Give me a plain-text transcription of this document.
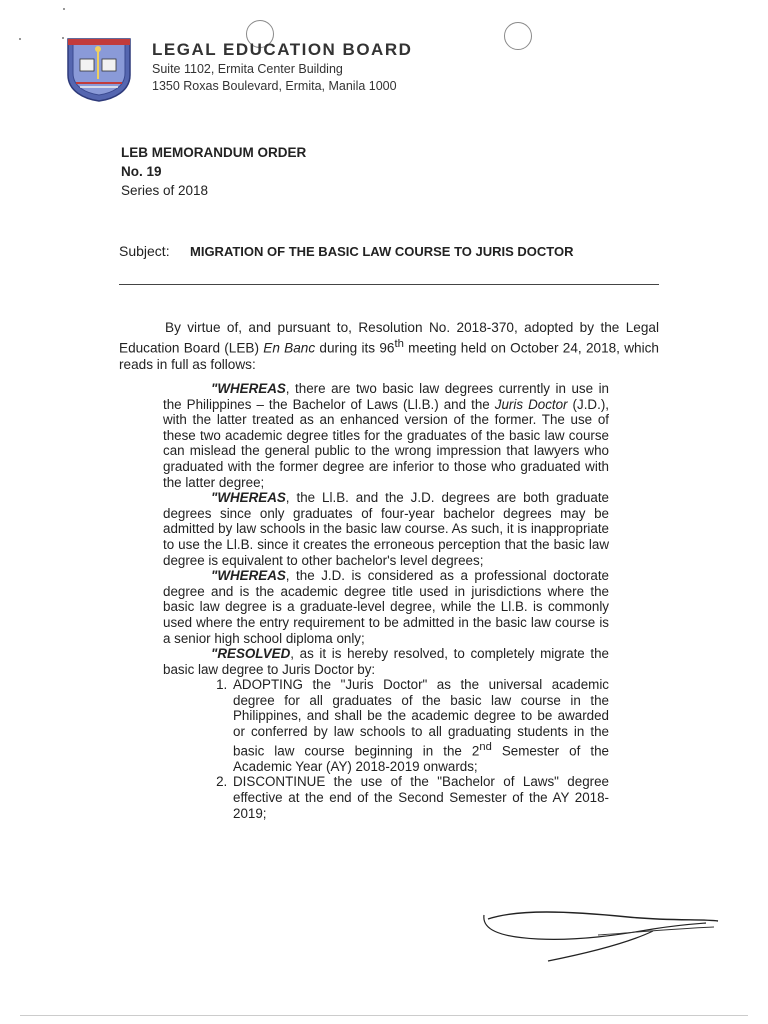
LEGAL EDUCATION BOARD
Suite 1102, Ermita Center Building
1350 Roxas Boulevard, Ermita, Manila 1000
LEB MEMORANDUM ORDER
No. 19
Series of 2018
Subject: MIGRATION OF THE BASIC LAW COURSE TO JURIS DOCTOR
By virtue of, and pursuant to, Resolution No. 2018-370, adopted by the Legal Education Board (LEB) En Banc during its 96th meeting held on October 24, 2018, which reads in full as follows:

"WHEREAS, there are two basic law degrees currently in use in the Philippines – the Bachelor of Laws (Ll.B.) and the Juris Doctor (J.D.), with the latter treated as an enhanced version of the former. The use of these two academic degree titles for the graduates of the basic law course can mislead the general public to the wrong impression that lawyers who graduated with the former degree are inferior to those who graduated with the latter degree;

"WHEREAS, the Ll.B. and the J.D. degrees are both graduate degrees since only graduates of four-year bachelor degrees may be admitted by law schools in the basic law course. As such, it is inappropriate to use the Ll.B. since it creates the erroneous perception that the basic law degree is equivalent to other bachelor's level degrees;

"WHEREAS, the J.D. is considered as a professional doctorate degree and is the academic degree title used in jurisdictions where the basic law degree is a graduate-level degree, while the Ll.B. is commonly used where the entry requirement to be admitted in the basic law course is a senior high school diploma only;

"RESOLVED, as it is hereby resolved, to completely migrate the basic law degree to Juris Doctor by:

1. ADOPTING the "Juris Doctor" as the universal academic degree for all graduates of the basic law course in the Philippines, and shall be the academic degree to be awarded or conferred by law schools to all graduating students in the basic law course beginning in the 2nd Semester of the Academic Year (AY) 2018-2019 onwards;
2. DISCONTINUE the use of the "Bachelor of Laws" degree effective at the end of the Second Semester of the AY 2018-2019;
